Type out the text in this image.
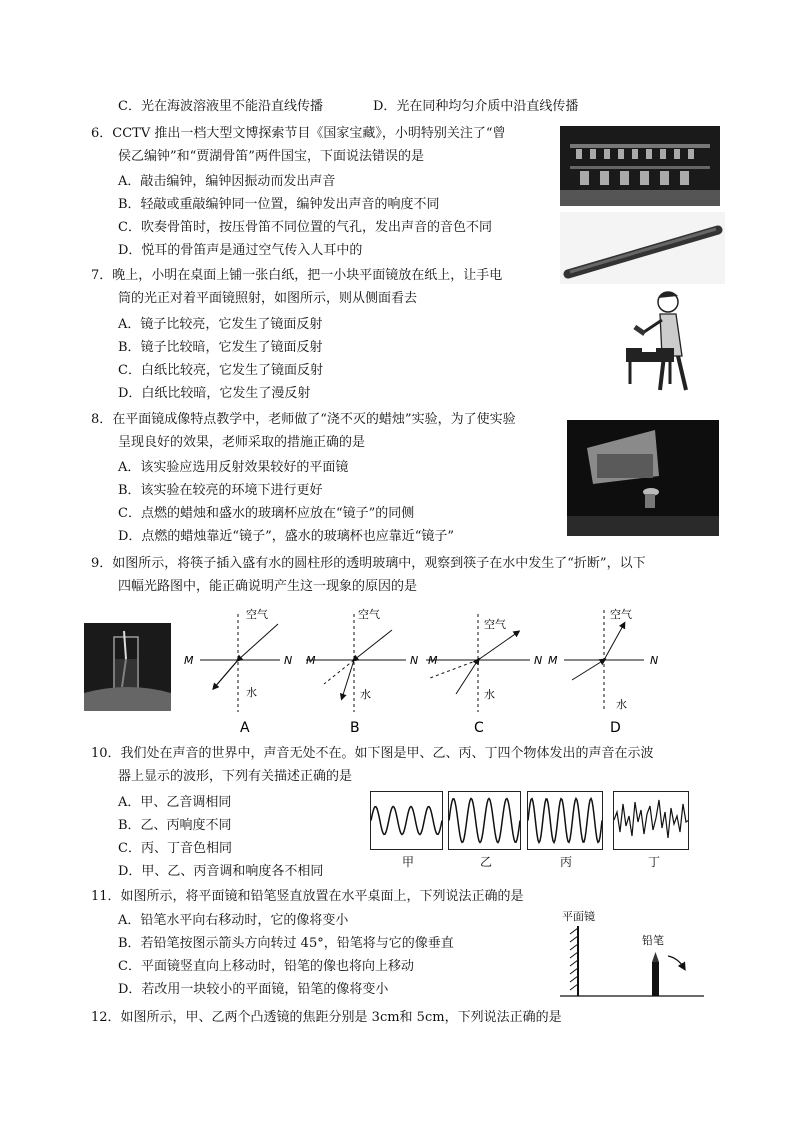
C．光在海波溶液里不能沿直线传播	D．光在同种均匀介质中沿直线传播
6．CCTV 推出一档大型文博探索节目《国家宝藏》，小明特别关注了“曾
侯乙编钟”和“贾湖骨笛”两件国宝，下面说法错误的是
A．敲击编钟，编钟因振动而发出声音
B．轻敲或重敲编钟同一位置，编钟发出声音的响度不同
C．吹奏骨笛时，按压骨笛不同位置的气孔，发出声音的音色不同
D．悦耳的骨笛声是通过空气传入人耳中的
7．晚上，小明在桌面上铺一张白纸，把一小块平面镜放在纸上，让手电
筒的光正对着平面镜照射，如图所示，则从侧面看去
A．镜子比较亮，它发生了镜面反射
B．镜子比较暗，它发生了镜面反射
C．白纸比较亮，它发生了镜面反射
D．白纸比较暗，它发生了漫反射
8．在平面镜成像特点教学中，老师做了“浇不灭的蜡烛”实验，为了使实验
呈现良好的效果，老师采取的措施正确的是
A．该实验应选用反射效果较好的平面镜
B．该实验在较亮的环境下进行更好
C．点燃的蜡烛和盛水的玻璃杯应放在“镜子”的同侧
D．点燃的蜡烛靠近“镜子”，盛水的玻璃杯也应靠近“镜子”
9．如图所示，将筷子插入盛有水的圆柱形的透明玻璃中，观察到筷子在水中发生了“折断”，以下
四幅光路图中，能正确说明产生这一现象的原因的是
空气
M	N
水
A
空气
N
水
B
空气
N
水
C
空气
M	N
水
D
M	M
10．我们处在声音的世界中，声音无处不在。如下图是甲、乙、丙、丁四个物体发出的声音在示波
器上显示的波形，下列有关描述正确的是
A．甲、乙音调相同
B．乙、丙响度不同
C．丙、丁音色相同
D．甲、乙、丙音调和响度各不相同
甲	乙	丙	丁
11．如图所示，将平面镜和铅笔竖直放置在水平桌面上，下列说法正确的是
A．铅笔水平向右移动时，它的像将变小
B．若铅笔按图示箭头方向转过 45°，铅笔将与它的像垂直
C．平面镜竖直向上移动时，铅笔的像也将向上移动
D．若改用一块较小的平面镜，铅笔的像将变小
平面镜
铅笔
12．如图所示，甲、乙两个凸透镜的焦距分别是 3cm和 5cm，下列说法正确的是
